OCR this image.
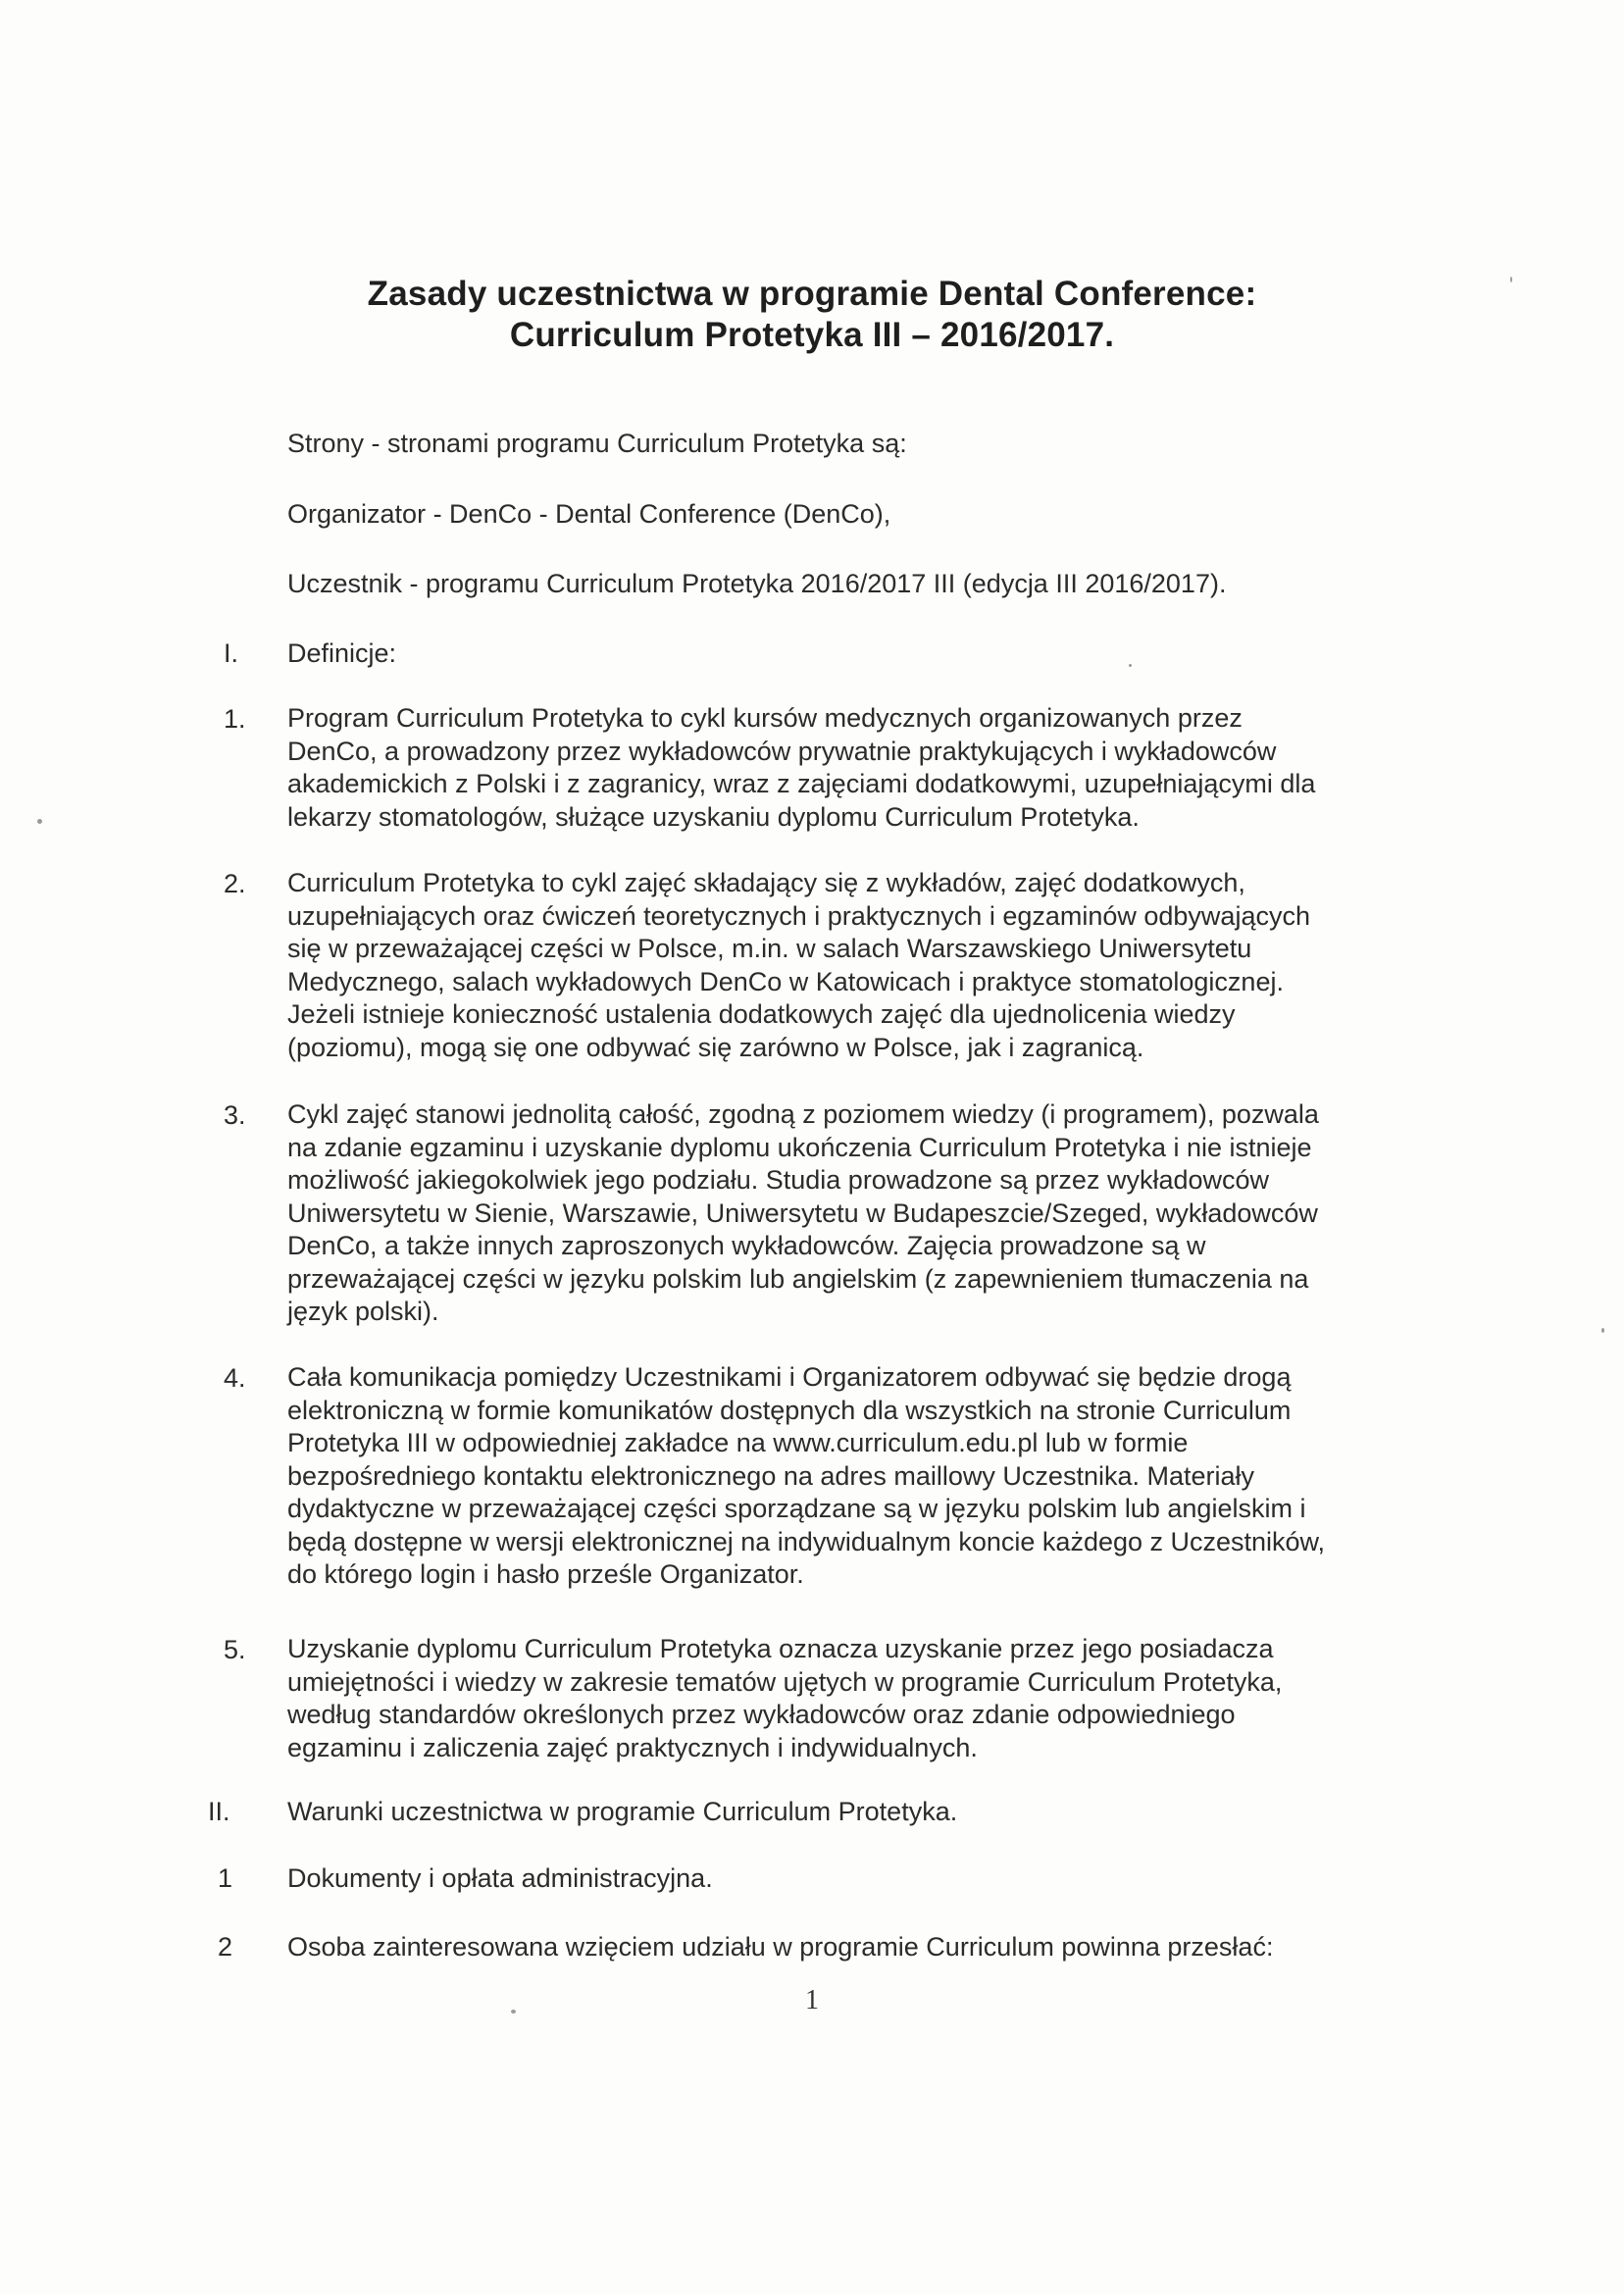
Zasady uczestnictwa w programie Dental Conference:
Curriculum Protetyka III – 2016/2017.
Strony - stronami programu Curriculum Protetyka są:
Organizator - DenCo - Dental Conference (DenCo),
Uczestnik - programu Curriculum Protetyka 2016/2017 III (edycja III 2016/2017).
I. Definicje:
1. Program Curriculum Protetyka to cykl kursów medycznych organizowanych przez
DenCo, a prowadzony przez wykładowców prywatnie praktykujących i wykładowców
akademickich z Polski i z zagranicy, wraz z zajęciami dodatkowymi, uzupełniającymi dla
lekarzy stomatologów, służące uzyskaniu dyplomu Curriculum Protetyka.
2. Curriculum Protetyka to cykl zajęć składający się z wykładów, zajęć dodatkowych,
uzupełniających oraz ćwiczeń teoretycznych i praktycznych i egzaminów odbywających
się w przeważającej części w Polsce, m.in. w salach Warszawskiego Uniwersytetu
Medycznego, salach wykładowych DenCo w Katowicach i praktyce stomatologicznej.
Jeżeli istnieje konieczność ustalenia dodatkowych zajęć dla ujednolicenia wiedzy
(poziomu), mogą się one odbywać się zarówno w Polsce, jak i zagranicą.
3. Cykl zajęć stanowi jednolitą całość, zgodną z poziomem wiedzy (i programem), pozwala
na zdanie egzaminu i uzyskanie dyplomu ukończenia Curriculum Protetyka i nie istnieje
możliwość jakiegokolwiek jego podziału. Studia prowadzone są przez wykładowców
Uniwersytetu w Sienie, Warszawie, Uniwersytetu w Budapeszcie/Szeged, wykładowców
DenCo, a także innych zaproszonych wykładowców. Zajęcia prowadzone są w
przeważającej części w języku polskim lub angielskim (z zapewnieniem tłumaczenia na
język polski).
4. Cała komunikacja pomiędzy Uczestnikami i Organizatorem odbywać się będzie drogą
elektroniczną w formie komunikatów dostępnych dla wszystkich na stronie Curriculum
Protetyka III w odpowiedniej zakładce na www.curriculum.edu.pl lub w formie
bezpośredniego kontaktu elektronicznego na adres maillowy Uczestnika. Materiały
dydaktyczne w przeważającej części sporządzane są w języku polskim lub angielskim i
będą dostępne w wersji elektronicznej na indywidualnym koncie każdego z Uczestników,
do którego login i hasło prześle Organizator.
5. Uzyskanie dyplomu Curriculum Protetyka oznacza uzyskanie przez jego posiadacza
umiejętności i wiedzy w zakresie tematów ujętych w programie Curriculum Protetyka,
według standardów określonych przez wykładowców oraz zdanie odpowiedniego
egzaminu i zaliczenia zajęć praktycznych i indywidualnych.
II. Warunki uczestnictwa w programie Curriculum Protetyka.
1 Dokumenty i opłata administracyjna.
2 Osoba zainteresowana wzięciem udziału w programie Curriculum powinna przesłać:
1
